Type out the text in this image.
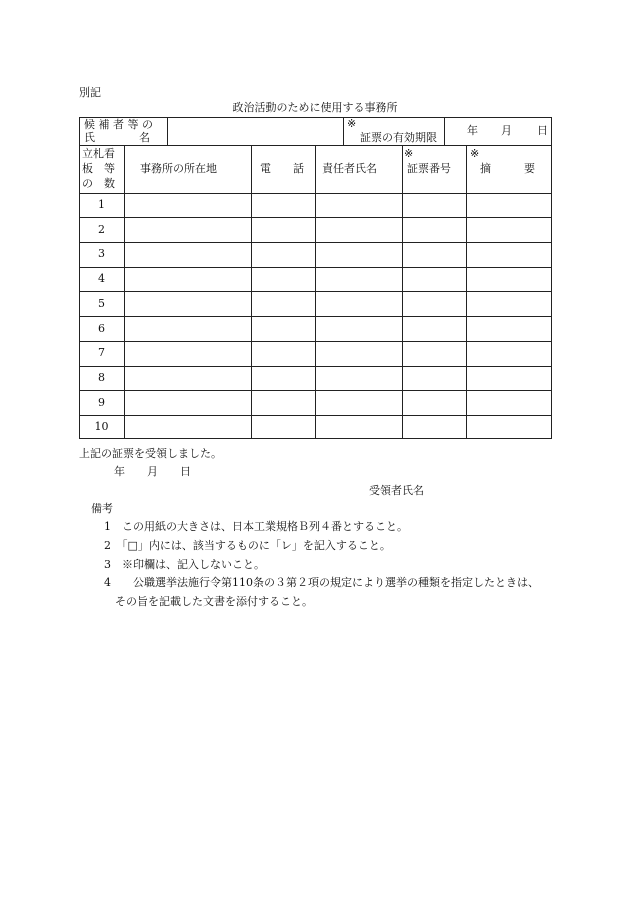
別記
政治活動のために使用する事務所
候 補 者 等 の
氏　　　　名
※
証票の有効期限
年 月 日
立札看
板　等
の　数
事務所の所在地	電　　話 責任者氏名
※
証票番号
※
摘　　　要
1
2
3
4
5
6
7
8
9
10
上記の証票を受領しました。
年　　月　　日
受領者氏名
備考
1　この用紙の大きさは、日本工業規格Ｂ列４番とすること。
2　「□」内には、該当するものに「レ」を記入すること。
3　※印欄は、記入しないこと。
4　　公職選挙法施行令第110条の３第２項の規定により選挙の種類を指定したときは、
　その旨を記載した文書を添付すること。
